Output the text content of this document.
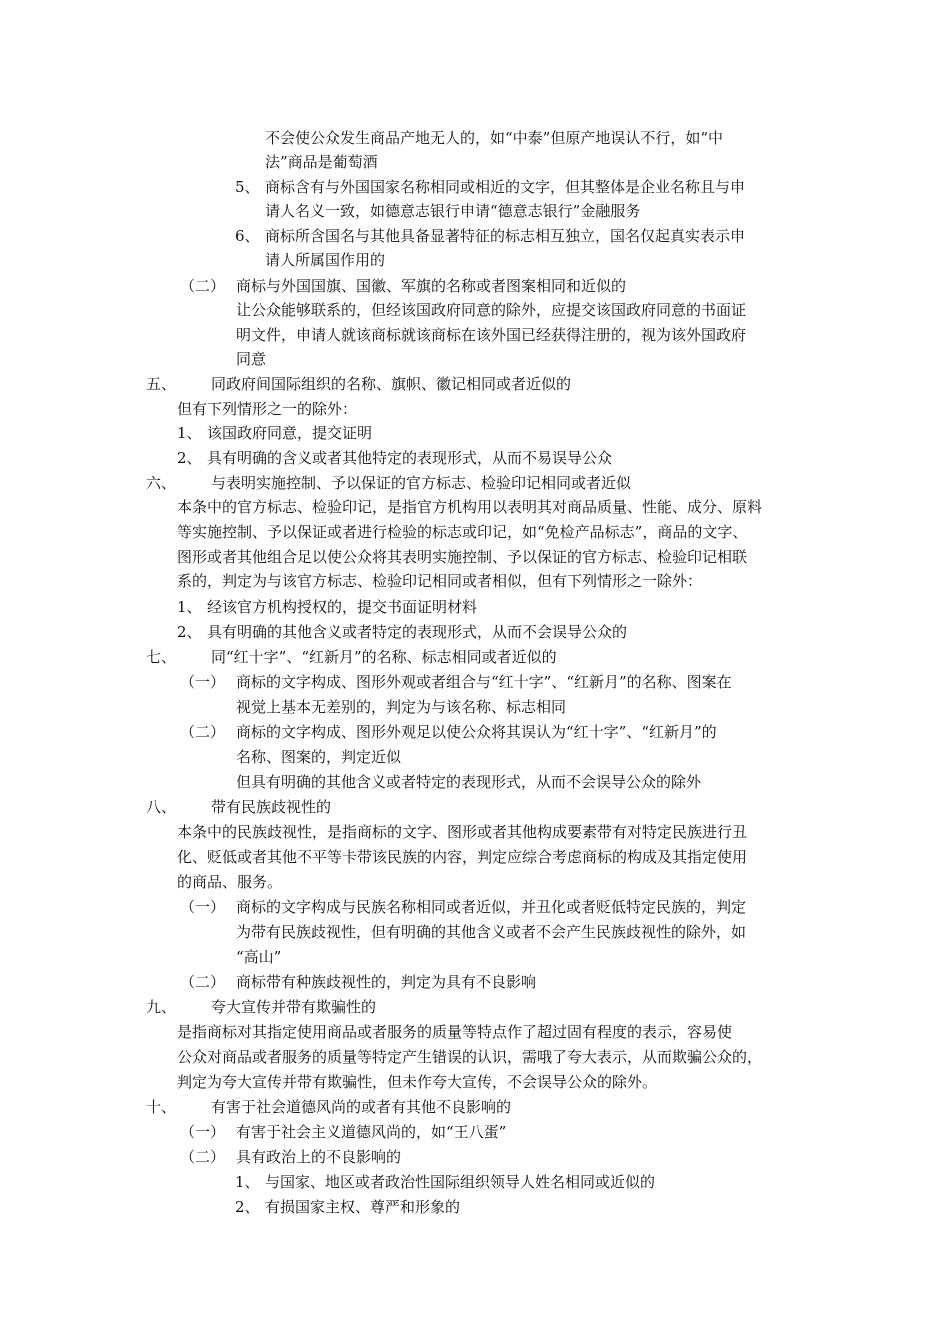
不会使公众发生商品产地无人的，如“中泰”但原产地误认不行，如“中
法”商品是葡萄酒
5、 商标含有与外国国家名称相同或相近的文字，但其整体是企业名称且与申
请人名义一致，如德意志银行申请“德意志银行”金融服务
6、 商标所含国名与其他具备显著特征的标志相互独立，国名仅起真实表示申
请人所属国作用的
（二） 商标与外国国旗、国徽、军旗的名称或者图案相同和近似的
让公众能够联系的，但经该国政府同意的除外，应提交该国政府同意的书面证
明文件，申请人就该商标就该商标在该外国已经获得注册的，视为该外国政府
同意
五、 同政府间国际组织的名称、旗帜、徽记相同或者近似的
但有下列情形之一的除外：
1、 该国政府同意，提交证明
2、 具有明确的含义或者其他特定的表现形式，从而不易误导公众
六、 与表明实施控制、予以保证的官方标志、检验印记相同或者近似
本条中的官方标志、检验印记，是指官方机构用以表明其对商品质量、性能、成分、原料
等实施控制、予以保证或者进行检验的标志或印记，如“免检产品标志”，商品的文字、
图形或者其他组合足以使公众将其表明实施控制、予以保证的官方标志、检验印记相联
系的，判定为与该官方标志、检验印记相同或者相似，但有下列情形之一除外：
1、 经该官方机构授权的，提交书面证明材料
2、 具有明确的其他含义或者特定的表现形式，从而不会误导公众的
七、 同“红十字”、“红新月”的名称、标志相同或者近似的
（一） 商标的文字构成、图形外观或者组合与“红十字”、“红新月”的名称、图案在
视觉上基本无差别的，判定为与该名称、标志相同
（二） 商标的文字构成、图形外观足以使公众将其误认为“红十字”、“红新月”的
名称、图案的，判定近似
但具有明确的其他含义或者特定的表现形式，从而不会误导公众的除外
八、 带有民族歧视性的
本条中的民族歧视性，是指商标的文字、图形或者其他构成要素带有对特定民族进行丑
化、贬低或者其他不平等卡带该民族的内容，判定应综合考虑商标的构成及其指定使用
的商品、服务。
（一） 商标的文字构成与民族名称相同或者近似，并丑化或者贬低特定民族的，判定
为带有民族歧视性，但有明确的其他含义或者不会产生民族歧视性的除外，如
“高山”
（二） 商标带有种族歧视性的，判定为具有不良影响
九、 夸大宣传并带有欺骗性的
是指商标对其指定使用商品或者服务的质量等特点作了超过固有程度的表示，容易使
公众对商品或者服务的质量等特定产生错误的认识，需哦了夸大表示，从而欺骗公众的，
判定为夸大宣传并带有欺骗性，但未作夸大宣传，不会误导公众的除外。
十、 有害于社会道德风尚的或者有其他不良影响的
（一） 有害于社会主义道德风尚的，如“王八蛋”
（二） 具有政治上的不良影响的
1、 与国家、地区或者政治性国际组织领导人姓名相同或近似的
2、 有损国家主权、尊严和形象的
